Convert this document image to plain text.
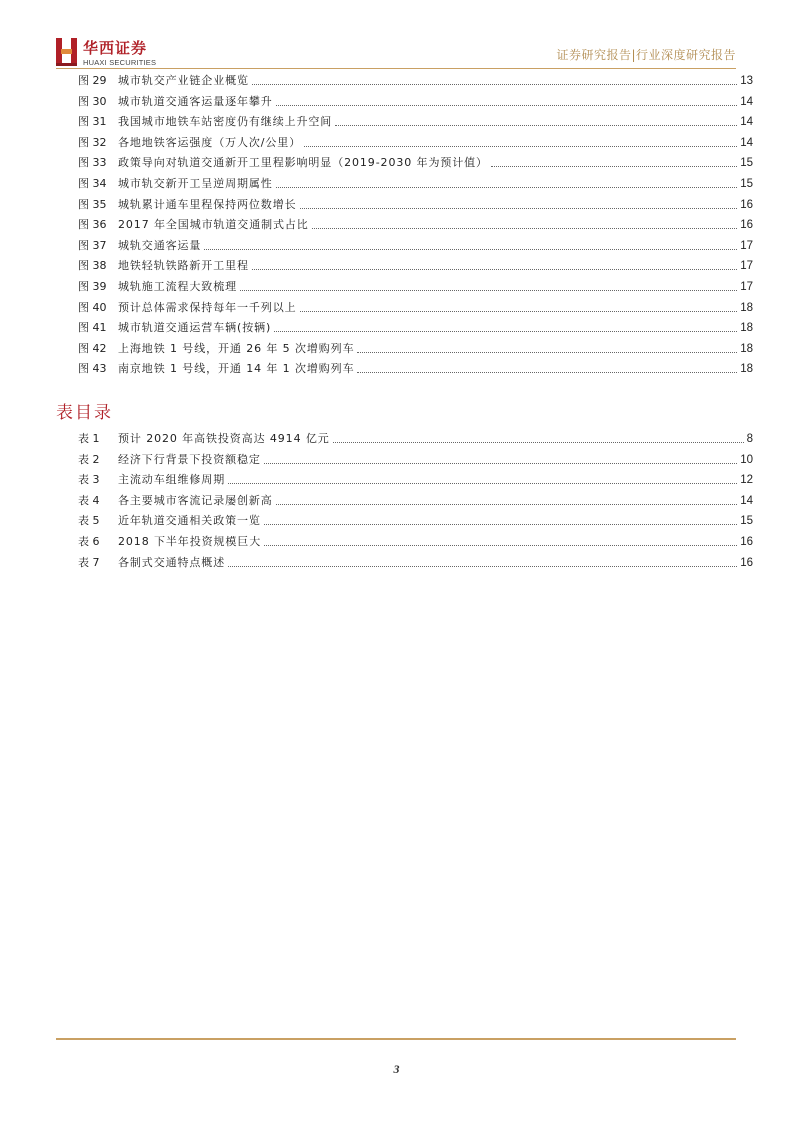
华西证券
HUAXI SECURITIES
证券研究报告|行业深度研究报告
图 29	城市轨交产业链企业概览	13
图 30	城市轨道交通客运量逐年攀升	14
图 31	我国城市地铁车站密度仍有继续上升空间	14
图 32	各地地铁客运强度（万人次/公里）	14
图 33	政策导向对轨道交通新开工里程影响明显（2019-2030 年为预计值）	15
图 34	城市轨交新开工呈逆周期属性	15
图 35	城轨累计通车里程保持两位数增长	16
图 36	2017 年全国城市轨道交通制式占比	16
图 37	城轨交通客运量	17
图 38	地铁轻轨铁路新开工里程	17
图 39	城轨施工流程大致梳理	17
图 40	预计总体需求保持每年一千列以上	18
图 41	城市轨道交通运营车辆(按辆)	18
图 42	上海地铁 1 号线，开通 26 年 5 次增购列车	18
图 43	南京地铁 1 号线，开通 14 年 1 次增购列车	18
表目录
表 1	预计 2020 年高铁投资高达 4914 亿元	8
表 2	经济下行背景下投资额稳定	10
表 3	主流动车组维修周期	12
表 4	各主要城市客流记录屡创新高	14
表 5	近年轨道交通相关政策一览	15
表 6	2018 下半年投资规模巨大	16
表 7	各制式交通特点概述	16
3
